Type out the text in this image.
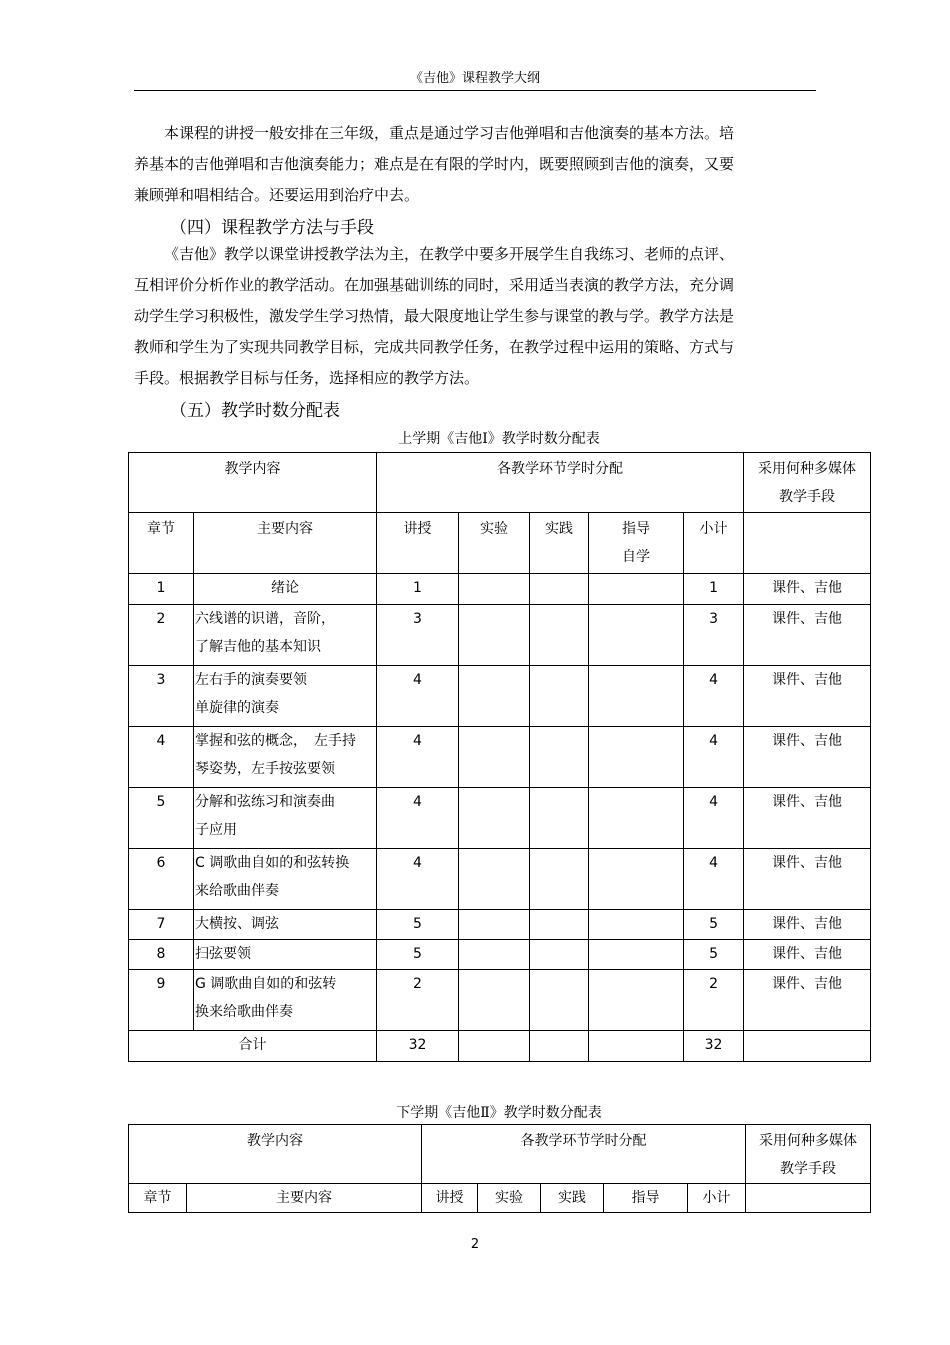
《吉他》课程教学大纲

本课程的讲授一般安排在三年级，重点是通过学习吉他弹唱和吉他演奏的基本方法。培
养基本的吉他弹唱和吉他演奏能力；难点是在有限的学时内，既要照顾到吉他的演奏，又要
兼顾弹和唱相结合。还要运用到治疗中去。

（四）课程教学方法与手段

《吉他》教学以课堂讲授教学法为主，在教学中要多开展学生自我练习、老师的点评、
互相评价分析作业的教学活动。在加强基础训练的同时，采用适当表演的教学方法，充分调
动学生学习积极性，激发学生学习热情，最大限度地让学生参与课堂的教与学。教学方法是
教师和学生为了实现共同教学目标，完成共同教学任务，在教学过程中运用的策略、方式与
手段。根据教学目标与任务，选择相应的教学方法。

（五）教学时数分配表
上学期《吉他Ⅰ》教学时数分配表
教学内容		各教学环节学时分配					采用何种多媒体
教学手段

章节	主要内容	讲授	实验	实践	指导
自学	小计	
1	绪论	1				1	课件、吉他
2	六线谱的识谱，音阶，
了解吉他的基本知识	3				3	课件、吉他
3	左右手的演奏要领
单旋律的演奏	4				4	课件、吉他
4	掌握和弦的概念，　左手持
琴姿势，左手按弦要领	4				4	课件、吉他
5	分解和弦练习和演奏曲
子应用	4				4	课件、吉他
6	C 调歌曲自如的和弦转换
来给歌曲伴奏	4				4	课件、吉他
7	大横按、调弦	5				5	课件、吉他
8	扫弦要领	5				5	课件、吉他
9	G 调歌曲自如的和弦转
换来给歌曲伴奏	2				2	课件、吉他
合计		32				32	
下学期《吉他Ⅱ》教学时数分配表
教学内容		各教学环节学时分配					采用何种多媒体
教学手段

章节	主要内容	讲授	实验	实践	指导	小计	
2
